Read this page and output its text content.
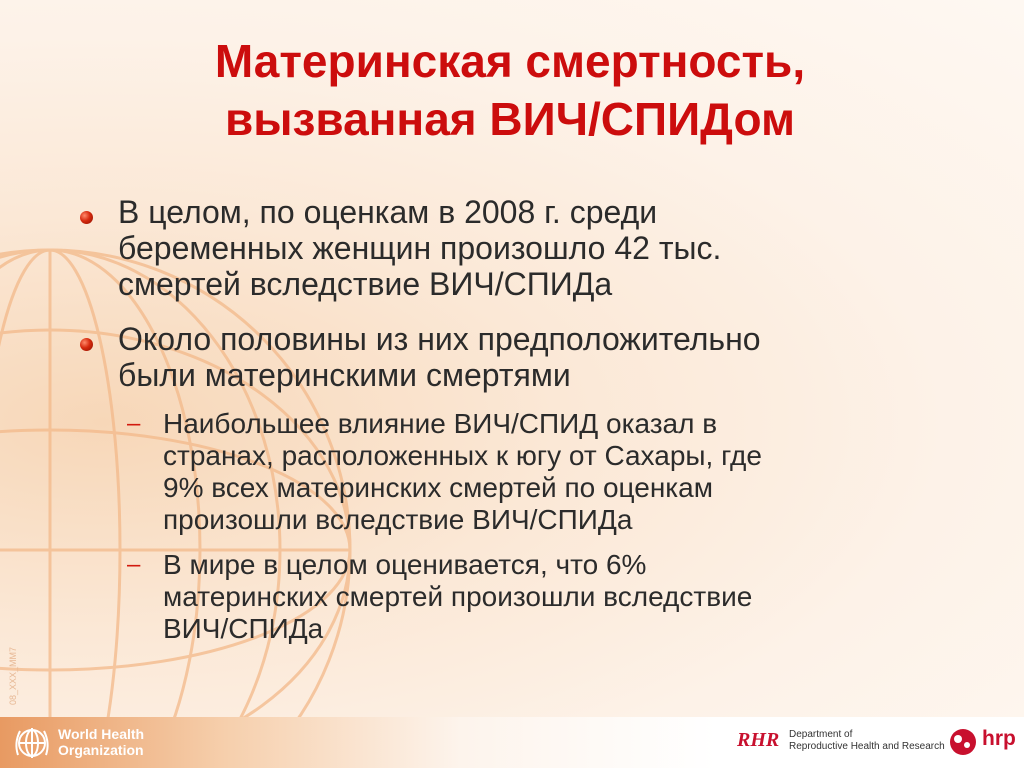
Материнская смертность,
вызванная ВИЧ/СПИДом
В целом, по оценкам в 2008 г. среди
беременных женщин произошло 42 тыс.
смертей вследствие ВИЧ/СПИДа
Около половины из них предположительно
были материнскими смертями
– Наибольшее влияние ВИЧ/СПИД оказал в
странах, расположенных к югу от Сахары, где
9% всех материнских смертей по оценкам
произошли вследствие ВИЧ/СПИДа
– В мире в целом оценивается, что 6%
материнских смертей произошли вследствие
ВИЧ/СПИДа
08_XXX_MM7
World Health
Organization	RHR Department of
Reproductive Health and Research hrp
